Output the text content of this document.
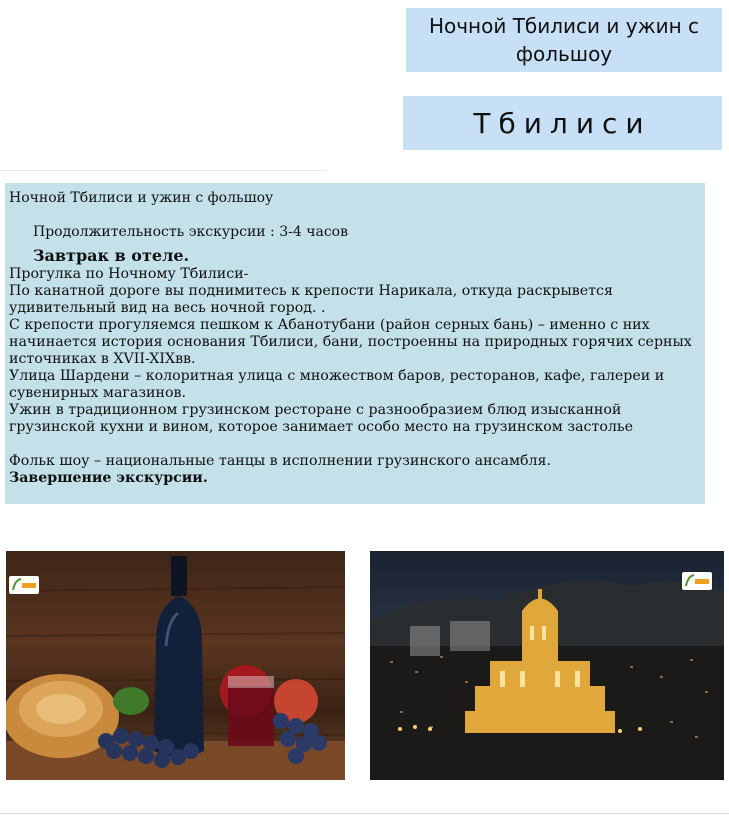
Ночной Тбилиси и ужин с фольшоу
Тбилиси
Ночной Тбилиси и ужин с фольшоу
Продолжительность экскурсии : 3-4 часов
Завтрак в отеле.

Прогулка по Ночному Тбилиси-

По канатной дороге вы поднимитесь к крепости Нарикала, откуда раскрывется удивительный вид на весь ночной город. .

С крепости прогуляемся пешком к Абанотубани (район серных бань) – именно с них начинается история основания Тбилиси, бани, построенны на природных горячих серных источниках в XVII-XIXвв.

Улица Шардени – колоритная улица с множеством баров, ресторанов, кафе, галереи и сувенирных магазинов.

Ужин в традиционном грузинском ресторане с разнообразием блюд изысканной грузинской кухни и вином, которое занимает особо место на грузинском застолье

Фольк шоу – национальные танцы в исполнении грузинского ансамбля.

Завершение экскурсии.
